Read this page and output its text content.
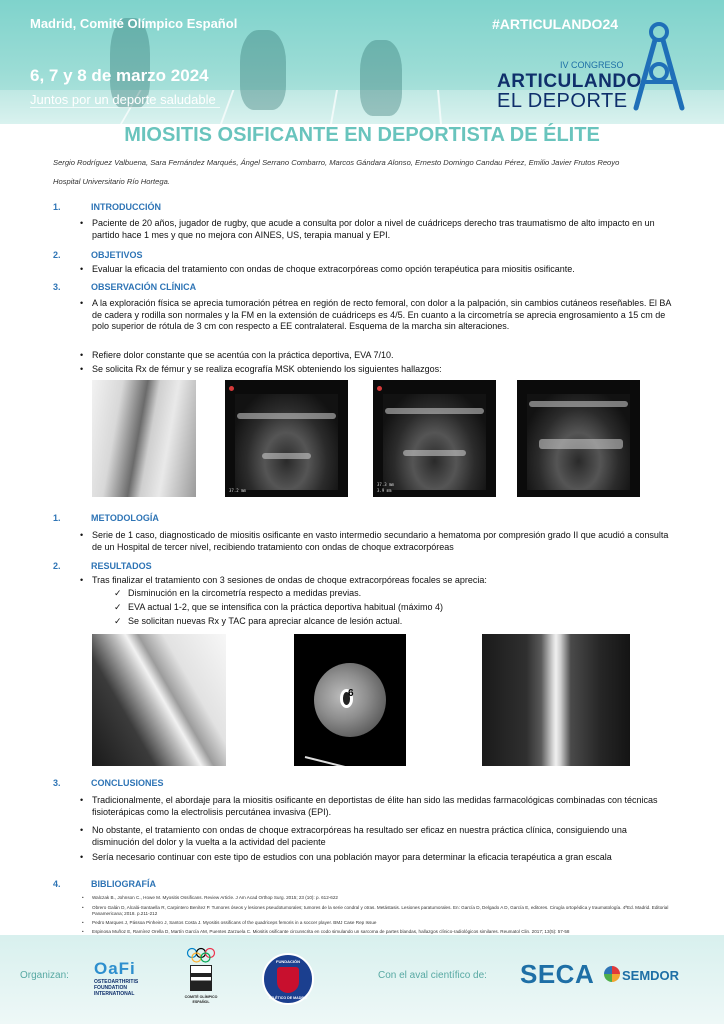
Madrid, Comité Olímpico Español
6, 7 y 8 de marzo 2024
Juntos por un deporte saludable
#ARTICULANDO24
IV CONGRESO
ARTICULANDO
EL DEPORTE
MIOSITIS OSIFICANTE EN DEPORTISTA DE ÉLITE
Sergio Rodríguez Valbuena, Sara Fernández Marqués, Ángel Serrano Combarro, Marcos Gándara Alonso, Ernesto Domingo Candau Pérez, Emilio Javier Frutos Reoyo
Hospital Universitario Río Hortega.
1.	INTRODUCCIÓN
• Paciente de 20 años, jugador de rugby, que acude a consulta por dolor a nivel de cuádriceps derecho tras traumatismo de alto impacto en un partido hace 1 mes y que no mejora con AINES, US, terapia manual y EPI.
2.	OBJETIVOS
• Evaluar la eficacia del tratamiento con ondas de choque extracorpóreas como opción terapéutica para miositis osificante.
3.	OBSERVACIÓN CLÍNICA
• A la exploración física se aprecia tumoración pétrea en región de recto femoral, con dolor a la palpación, sin cambios cutáneos reseñables. El BA de cadera y rodilla son normales y la FM en la extensión de cuádriceps es 4/5. En cuanto a la circometría se aprecia engrosamiento a 15 cm de polo superior de rótula de 3 cm con respecto a EE contralateral. Esquema de la marcha sin alteraciones.
• Refiere dolor constante que se acentúa con la práctica deportiva, EVA 7/10.
• Se solicita Rx de fémur y se realiza ecografía MSK obteniendo los siguientes hallazgos:
37.2 mm
37.3 mm
3.9 mm
1.	METODOLOGÍA
• Serie de 1 caso, diagnosticado de miositis osificante en vasto intermedio secundario a hematoma por compresión grado II que acudió a consulta de un Hospital de tercer nivel, recibiendo tratamiento con ondas de choque extracorpóreas
2.	RESULTADOS
• Tras finalizar el tratamiento con 3 sesiones de ondas de choque extracorpóreas focales se aprecia:
✓ Disminución en la circometría respecto a medidas previas.
✓ EVA actual 1-2, que se intensifica con la práctica deportiva habitual (máximo 4)
✓ Se solicitan nuevas Rx y TAC para apreciar alcance de lesión actual.
6
3.	CONCLUSIONES
• Tradicionalmente, el abordaje para la miositis osificante en deportistas de élite han sido las medidas farmacológicas combinadas con técnicas fisioterápicas como la electrolisis percutánea invasiva (EPI).
• No obstante, el tratamiento con ondas de choque extracorpóreas ha resultado ser eficaz en nuestra práctica clínica, consiguiendo una disminución del dolor y la vuelta a la actividad del paciente
• Sería necesario continuar con este tipo de estudios con una población mayor para determinar la eficacia terapéutica a gran escala
4.	BIBLIOGRAFÍA
• Walczak B., Johnson C., Howe M. Myositis Ossificans. Review Article. J Am Acad Orthop Surg. 2015; 23 (10): p. 612-622
• Obrero Galán D, Alcalá-Santaella R, Carpintero Benítez P. Tumores óseos y lesiones pseudotumorales; tumores de la serie condral y otras. Metástasis. Lesiones paratumorales. En: García D, Delgado A D, García E, editores. Cirugía ortopédica y traumatología. 4ªEd. Madrid. Editorial Panamericana; 2018. p.211-212
• Pedro Marques J, Pássoa Pinheiro J, Santos Costa J. Myositis ossificans of the quadriceps femoris in a soccer player. BMJ Case Rep Issue
• Espinosa Muñoz E, Ramírez Orella D, Martín García AM, Puentes Zarzuela C. Miositis osificante circunscrita en codo simulando un sarcoma de partes blandas, hallazgos clínico-radiológicos similares. Reumatol Clin. 2017; 13(5): 57-58
Organizan: OaFi
OSTEOARTHRITIS
FOUNDATION
INTERNATIONAL	COMITÉ OLÍMPICO
ESPAÑOL
FUNDACIÓN
ATLÉTICO DE MADRID
Con el aval científico de: SECA SEMDOR
